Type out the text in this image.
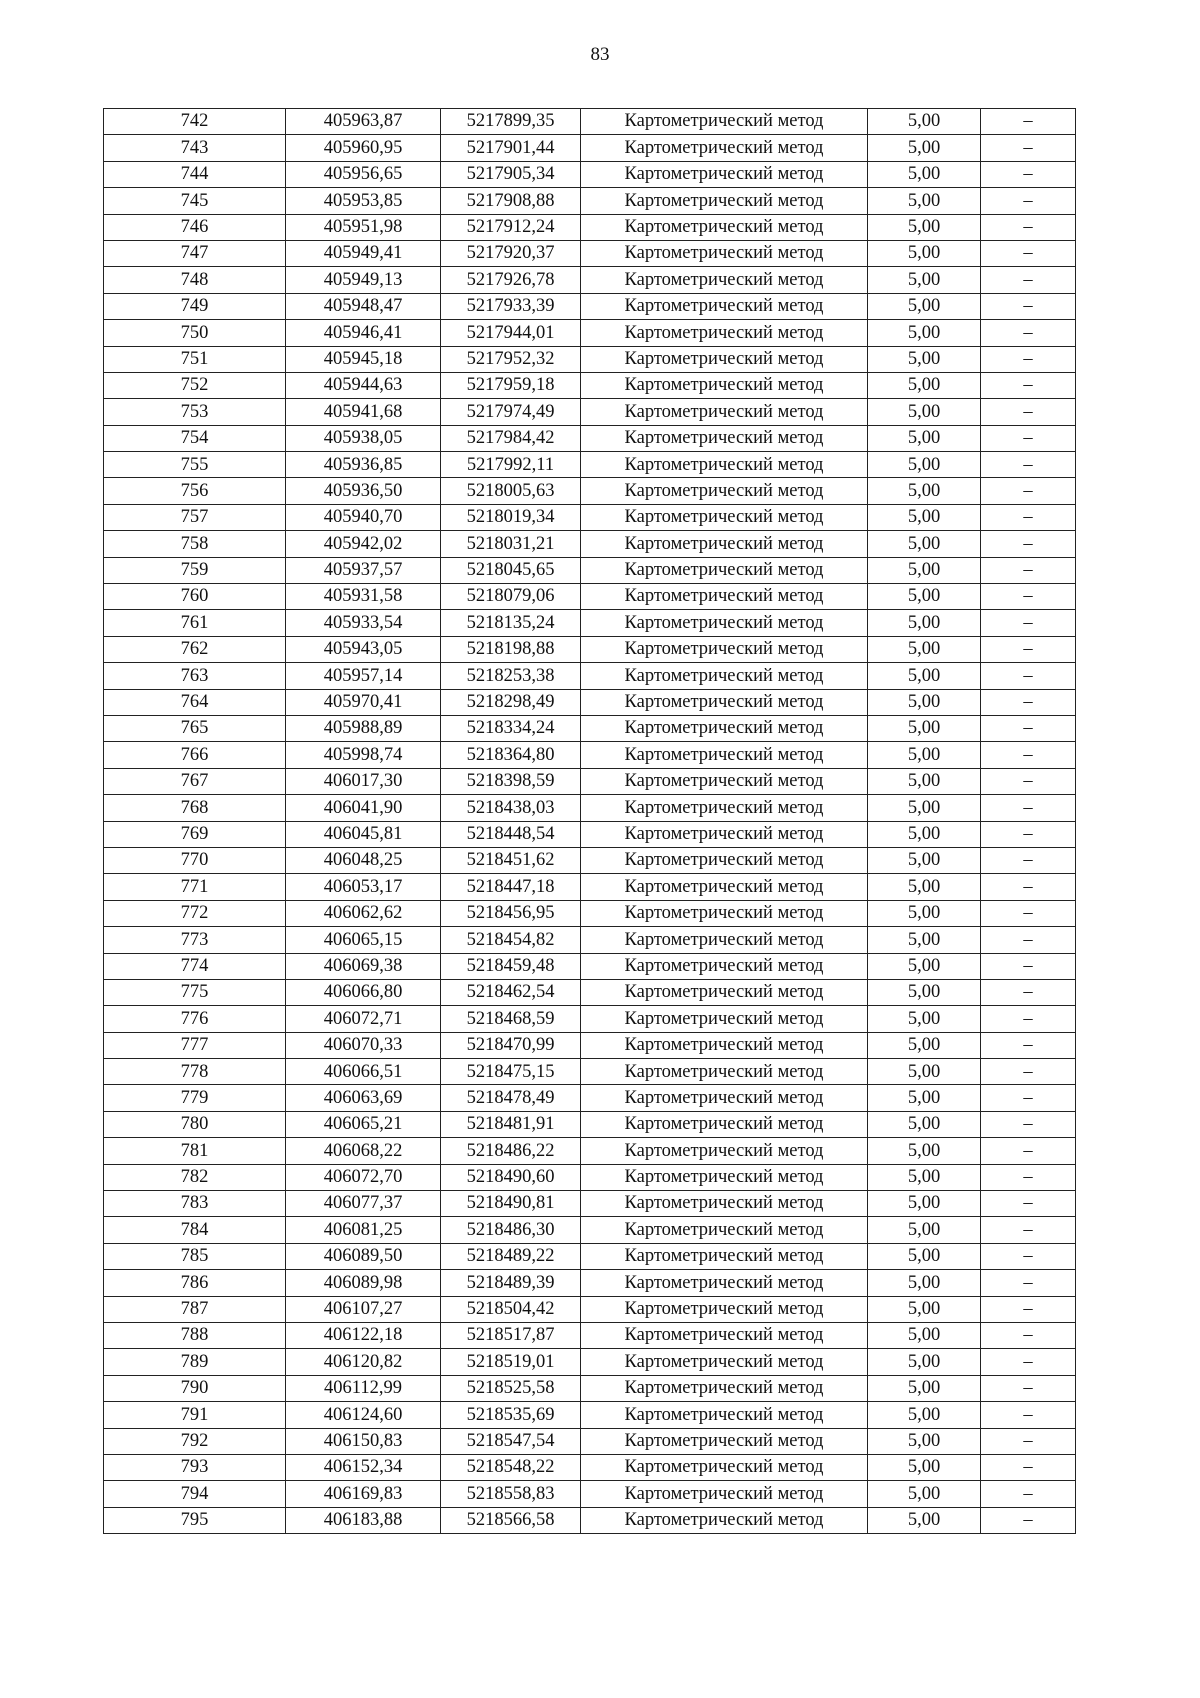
83
742	405963,87	5217899,35	Картометрический метод	5,00	–
743	405960,95	5217901,44	Картометрический метод	5,00	–
744	405956,65	5217905,34	Картометрический метод	5,00	–
745	405953,85	5217908,88	Картометрический метод	5,00	–
746	405951,98	5217912,24	Картометрический метод	5,00	–
747	405949,41	5217920,37	Картометрический метод	5,00	–
748	405949,13	5217926,78	Картометрический метод	5,00	–
749	405948,47	5217933,39	Картометрический метод	5,00	–
750	405946,41	5217944,01	Картометрический метод	5,00	–
751	405945,18	5217952,32	Картометрический метод	5,00	–
752	405944,63	5217959,18	Картометрический метод	5,00	–
753	405941,68	5217974,49	Картометрический метод	5,00	–
754	405938,05	5217984,42	Картометрический метод	5,00	–
755	405936,85	5217992,11	Картометрический метод	5,00	–
756	405936,50	5218005,63	Картометрический метод	5,00	–
757	405940,70	5218019,34	Картометрический метод	5,00	–
758	405942,02	5218031,21	Картометрический метод	5,00	–
759	405937,57	5218045,65	Картометрический метод	5,00	–
760	405931,58	5218079,06	Картометрический метод	5,00	–
761	405933,54	5218135,24	Картометрический метод	5,00	–
762	405943,05	5218198,88	Картометрический метод	5,00	–
763	405957,14	5218253,38	Картометрический метод	5,00	–
764	405970,41	5218298,49	Картометрический метод	5,00	–
765	405988,89	5218334,24	Картометрический метод	5,00	–
766	405998,74	5218364,80	Картометрический метод	5,00	–
767	406017,30	5218398,59	Картометрический метод	5,00	–
768	406041,90	5218438,03	Картометрический метод	5,00	–
769	406045,81	5218448,54	Картометрический метод	5,00	–
770	406048,25	5218451,62	Картометрический метод	5,00	–
771	406053,17	5218447,18	Картометрический метод	5,00	–
772	406062,62	5218456,95	Картометрический метод	5,00	–
773	406065,15	5218454,82	Картометрический метод	5,00	–
774	406069,38	5218459,48	Картометрический метод	5,00	–
775	406066,80	5218462,54	Картометрический метод	5,00	–
776	406072,71	5218468,59	Картометрический метод	5,00	–
777	406070,33	5218470,99	Картометрический метод	5,00	–
778	406066,51	5218475,15	Картометрический метод	5,00	–
779	406063,69	5218478,49	Картометрический метод	5,00	–
780	406065,21	5218481,91	Картометрический метод	5,00	–
781	406068,22	5218486,22	Картометрический метод	5,00	–
782	406072,70	5218490,60	Картометрический метод	5,00	–
783	406077,37	5218490,81	Картометрический метод	5,00	–
784	406081,25	5218486,30	Картометрический метод	5,00	–
785	406089,50	5218489,22	Картометрический метод	5,00	–
786	406089,98	5218489,39	Картометрический метод	5,00	–
787	406107,27	5218504,42	Картометрический метод	5,00	–
788	406122,18	5218517,87	Картометрический метод	5,00	–
789	406120,82	5218519,01	Картометрический метод	5,00	–
790	406112,99	5218525,58	Картометрический метод	5,00	–
791	406124,60	5218535,69	Картометрический метод	5,00	–
792	406150,83	5218547,54	Картометрический метод	5,00	–
793	406152,34	5218548,22	Картометрический метод	5,00	–
794	406169,83	5218558,83	Картометрический метод	5,00	–
795	406183,88	5218566,58	Картометрический метод	5,00	–
